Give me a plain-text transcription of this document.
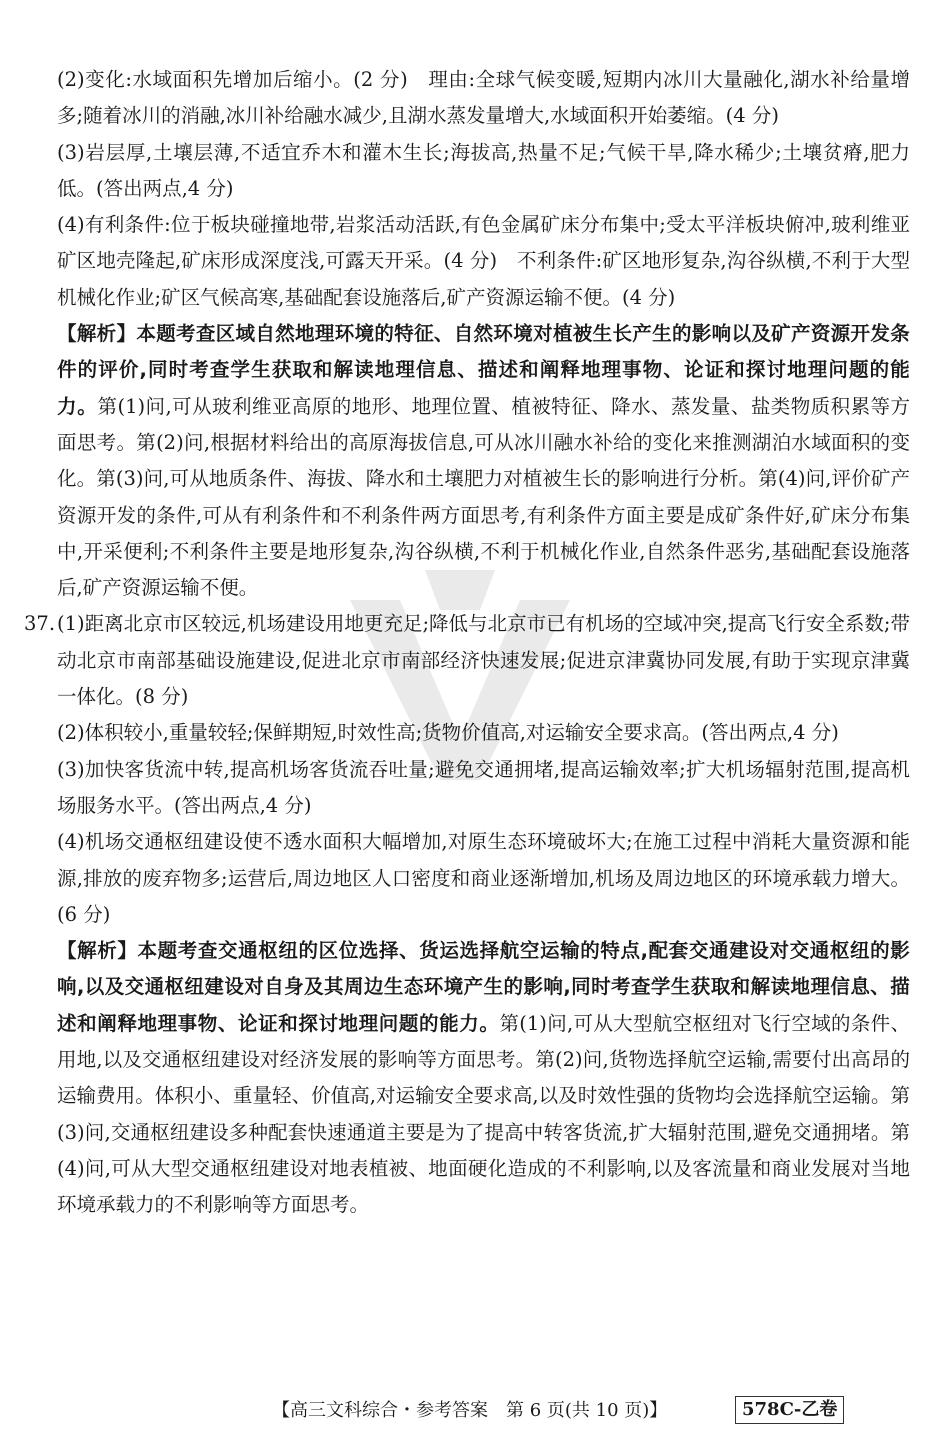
(2)变化:水域面积先增加后缩小。(2 分)　理由:全球气候变暖,短期内冰川大量融化,湖水补给量增多;随着冰川的消融,冰川补给融水减少,且湖水蒸发量增大,水域面积开始萎缩。(4 分)

(3)岩层厚,土壤层薄,不适宜乔木和灌木生长;海拔高,热量不足;气候干旱,降水稀少;土壤贫瘠,肥力低。(答出两点,4 分)

(4)有利条件:位于板块碰撞地带,岩浆活动活跃,有色金属矿床分布集中;受太平洋板块俯冲,玻利维亚矿区地壳隆起,矿床形成深度浅,可露天开采。(4 分)　不利条件:矿区地形复杂,沟谷纵横,不利于大型机械化作业;矿区气候高寒,基础配套设施落后,矿产资源运输不便。(4 分)

【解析】本题考查区域自然地理环境的特征、自然环境对植被生长产生的影响以及矿产资源开发条件的评价,同时考查学生获取和解读地理信息、描述和阐释地理事物、论证和探讨地理问题的能力。第(1)问,可从玻利维亚高原的地形、地理位置、植被特征、降水、蒸发量、盐类物质积累等方面思考。第(2)问,根据材料给出的高原海拔信息,可从冰川融水补给的变化来推测湖泊水域面积的变化。第(3)问,可从地质条件、海拔、降水和土壤肥力对植被生长的影响进行分析。第(4)问,评价矿产资源开发的条件,可从有利条件和不利条件两方面思考,有利条件方面主要是成矿条件好,矿床分布集中,开采便利;不利条件主要是地形复杂,沟谷纵横,不利于机械化作业,自然条件恶劣,基础配套设施落后,矿产资源运输不便。

37. (1)距离北京市区较远,机场建设用地更充足;降低与北京市已有机场的空域冲突,提高飞行安全系数;带动北京市南部基础设施建设,促进北京市南部经济快速发展;促进京津冀协同发展,有助于实现京津冀一体化。(8 分)

(2)体积较小,重量较轻;保鲜期短,时效性高;货物价值高,对运输安全要求高。(答出两点,4 分)

(3)加快客货流中转,提高机场客货流吞吐量;避免交通拥堵,提高运输效率;扩大机场辐射范围,提高机场服务水平。(答出两点,4 分)

(4)机场交通枢纽建设使不透水面积大幅增加,对原生态环境破坏大;在施工过程中消耗大量资源和能源,排放的废弃物多;运营后,周边地区人口密度和商业逐渐增加,机场及周边地区的环境承载力增大。(6 分)

【解析】本题考查交通枢纽的区位选择、货运选择航空运输的特点,配套交通建设对交通枢纽的影响,以及交通枢纽建设对自身及其周边生态环境产生的影响,同时考查学生获取和解读地理信息、描述和阐释地理事物、论证和探讨地理问题的能力。第(1)问,可从大型航空枢纽对飞行空域的条件、用地,以及交通枢纽建设对经济发展的影响等方面思考。第(2)问,货物选择航空运输,需要付出高昂的运输费用。体积小、重量轻、价值高,对运输安全要求高,以及时效性强的货物均会选择航空运输。第(3)问,交通枢纽建设多种配套快速通道主要是为了提高中转客货流,扩大辐射范围,避免交通拥堵。第(4)问,可从大型交通枢纽建设对地表植被、地面硬化造成的不利影响,以及客流量和商业发展对当地环境承载力的不利影响等方面思考。

【高三文科综合・参考答案　第 6 页(共 10 页)】	578C-乙卷
